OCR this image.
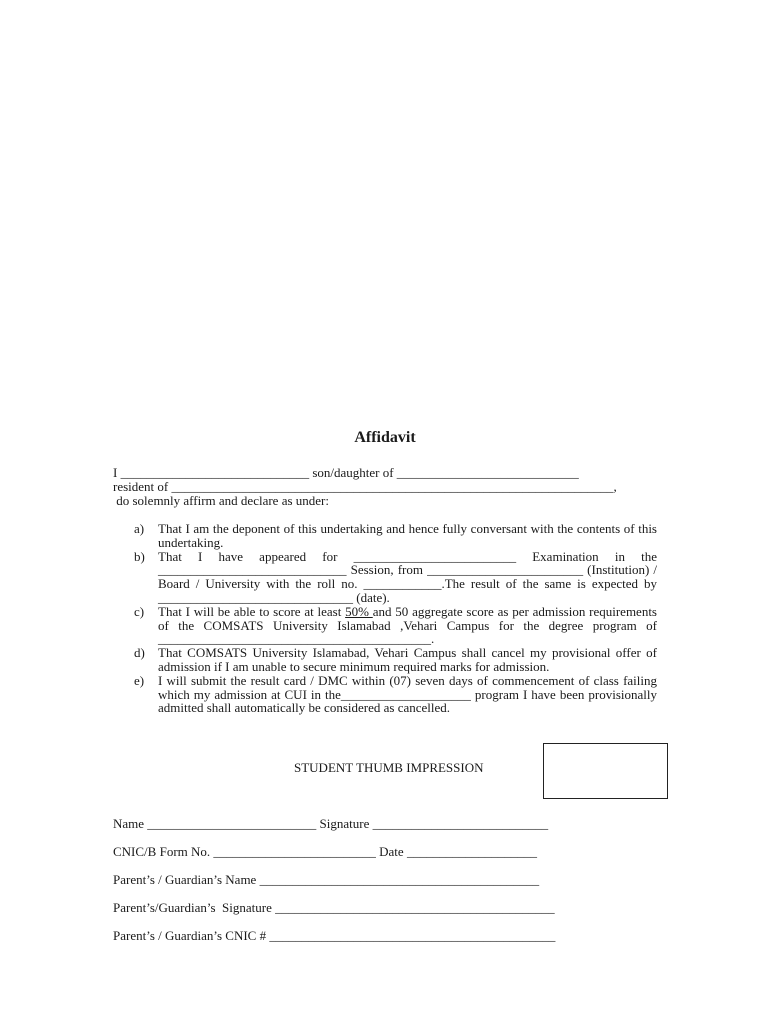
Affidavit
I _____________________________ son/daughter of ____________________________
resident of ____________________________________________________________________,
do solemnly affirm and declare as under:
a) That I am the deponent of this undertaking and hence fully conversant with the contents of this undertaking.
b) That I have appeared for _________________________ Examination in the _____________________________ Session, from ________________________ (Institution) / Board / University with the roll no. ____________.The result of the same is expected by ______________________________ (date).
c) That I will be able to score at least 50% and 50 aggregate score as per admission requirements of the COMSATS University Islamabad ,Vehari Campus for the degree program of __________________________________________.
d) That COMSATS University Islamabad, Vehari Campus shall cancel my provisional offer of admission if I am unable to secure minimum required marks for admission.
e) I will submit the result card / DMC within (07) seven days of commencement of class failing which my admission at CUI in the____________________ program I have been provisionally admitted shall automatically be considered as cancelled.
STUDENT THUMB IMPRESSION
Name __________________________ Signature ___________________________
CNIC/B Form No. _________________________ Date ____________________
Parent’s / Guardian’s Name ___________________________________________
Parent’s/Guardian’s  Signature ___________________________________________
Parent’s / Guardian’s CNIC # ____________________________________________
